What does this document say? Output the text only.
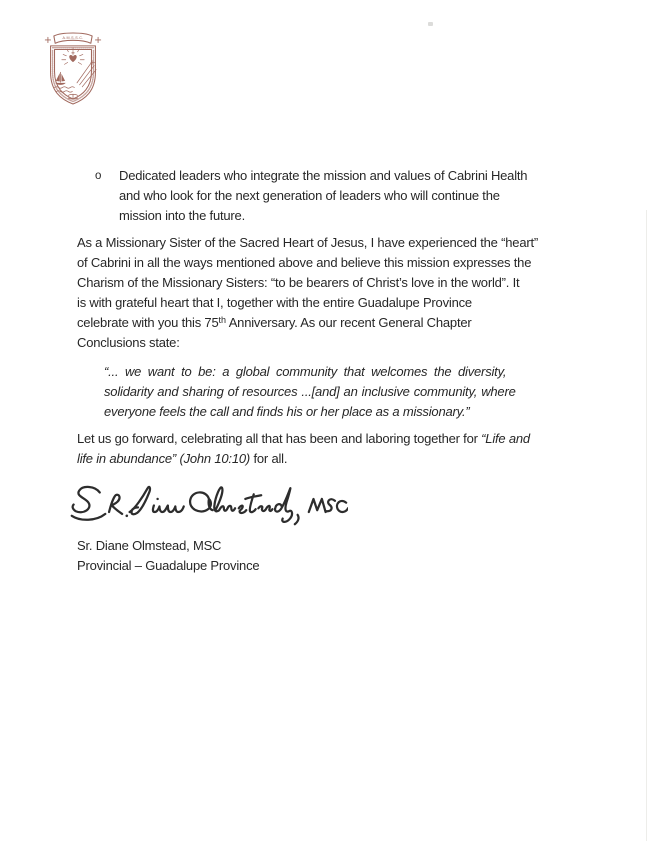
A.M.S.S.C.
o Dedicated leaders who integrate the mission and values of Cabrini Health
and who look for the next generation of leaders who will continue the
mission into the future.
As a Missionary Sister of the Sacred Heart of Jesus, I have experienced the “heart”
of Cabrini in all the ways mentioned above and believe this mission expresses the
Charism of the Missionary Sisters: “to be bearers of Christ’s love in the world”. It
is with grateful heart that I, together with the entire Guadalupe Province
celebrate with you this 75th Anniversary. As our recent General Chapter
Conclusions state:
“... we want to be: a global community that welcomes the diversity,
solidarity and sharing of resources ...[and] an inclusive community, where
everyone feels the call and finds his or her place as a missionary.”
Let us go forward, celebrating all that has been and laboring together for “Life and
life in abundance” (John 10:10) for all.
Sr. Diane Olmstead, MSC
Provincial – Guadalupe Province
